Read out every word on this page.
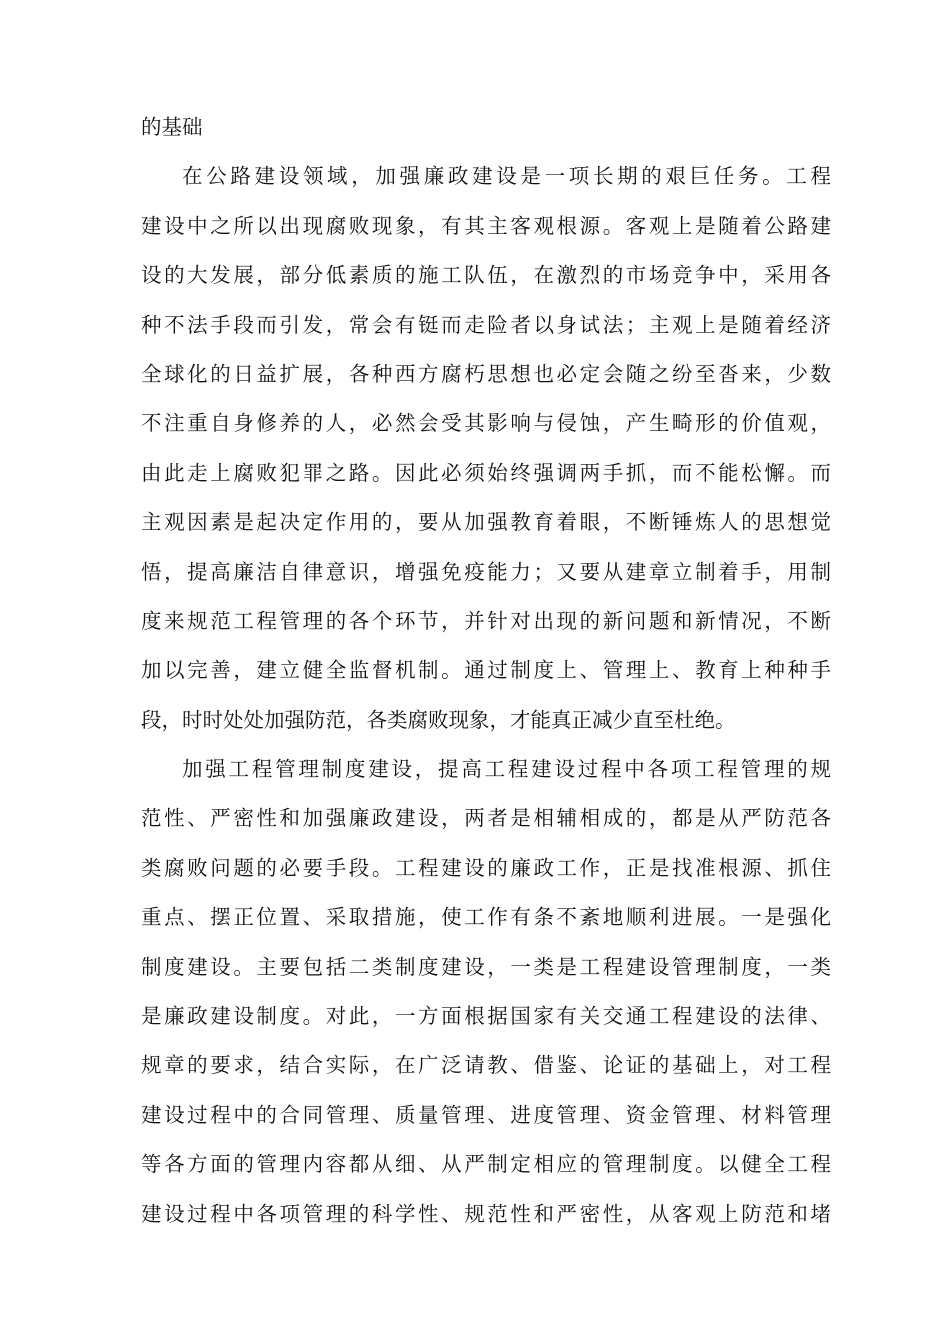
的基础
在公路建设领域，加强廉政建设是一项长期的艰巨任务。工程
建设中之所以出现腐败现象，有其主客观根源。客观上是随着公路建
设的大发展，部分低素质的施工队伍，在激烈的市场竞争中，采用各
种不法手段而引发，常会有铤而走险者以身试法；主观上是随着经济
全球化的日益扩展，各种西方腐朽思想也必定会随之纷至沓来，少数
不注重自身修养的人，必然会受其影响与侵蚀，产生畸形的价值观，
由此走上腐败犯罪之路。因此必须始终强调两手抓，而不能松懈。而
主观因素是起决定作用的，要从加强教育着眼，不断锤炼人的思想觉
悟，提高廉洁自律意识，增强免疫能力；又要从建章立制着手，用制
度来规范工程管理的各个环节，并针对出现的新问题和新情况，不断
加以完善，建立健全监督机制。通过制度上、管理上、教育上种种手
段，时时处处加强防范，各类腐败现象，才能真正减少直至杜绝。
加强工程管理制度建设，提高工程建设过程中各项工程管理的规
范性、严密性和加强廉政建设，两者是相辅相成的，都是从严防范各
类腐败问题的必要手段。工程建设的廉政工作，正是找准根源、抓住
重点、摆正位置、采取措施，使工作有条不紊地顺利进展。一是强化
制度建设。主要包括二类制度建设，一类是工程建设管理制度，一类
是廉政建设制度。对此，一方面根据国家有关交通工程建设的法律、
规章的要求，结合实际，在广泛请教、借鉴、论证的基础上，对工程
建设过程中的合同管理、质量管理、进度管理、资金管理、材料管理
等各方面的管理内容都从细、从严制定相应的管理制度。以健全工程
建设过程中各项管理的科学性、规范性和严密性，从客观上防范和堵
